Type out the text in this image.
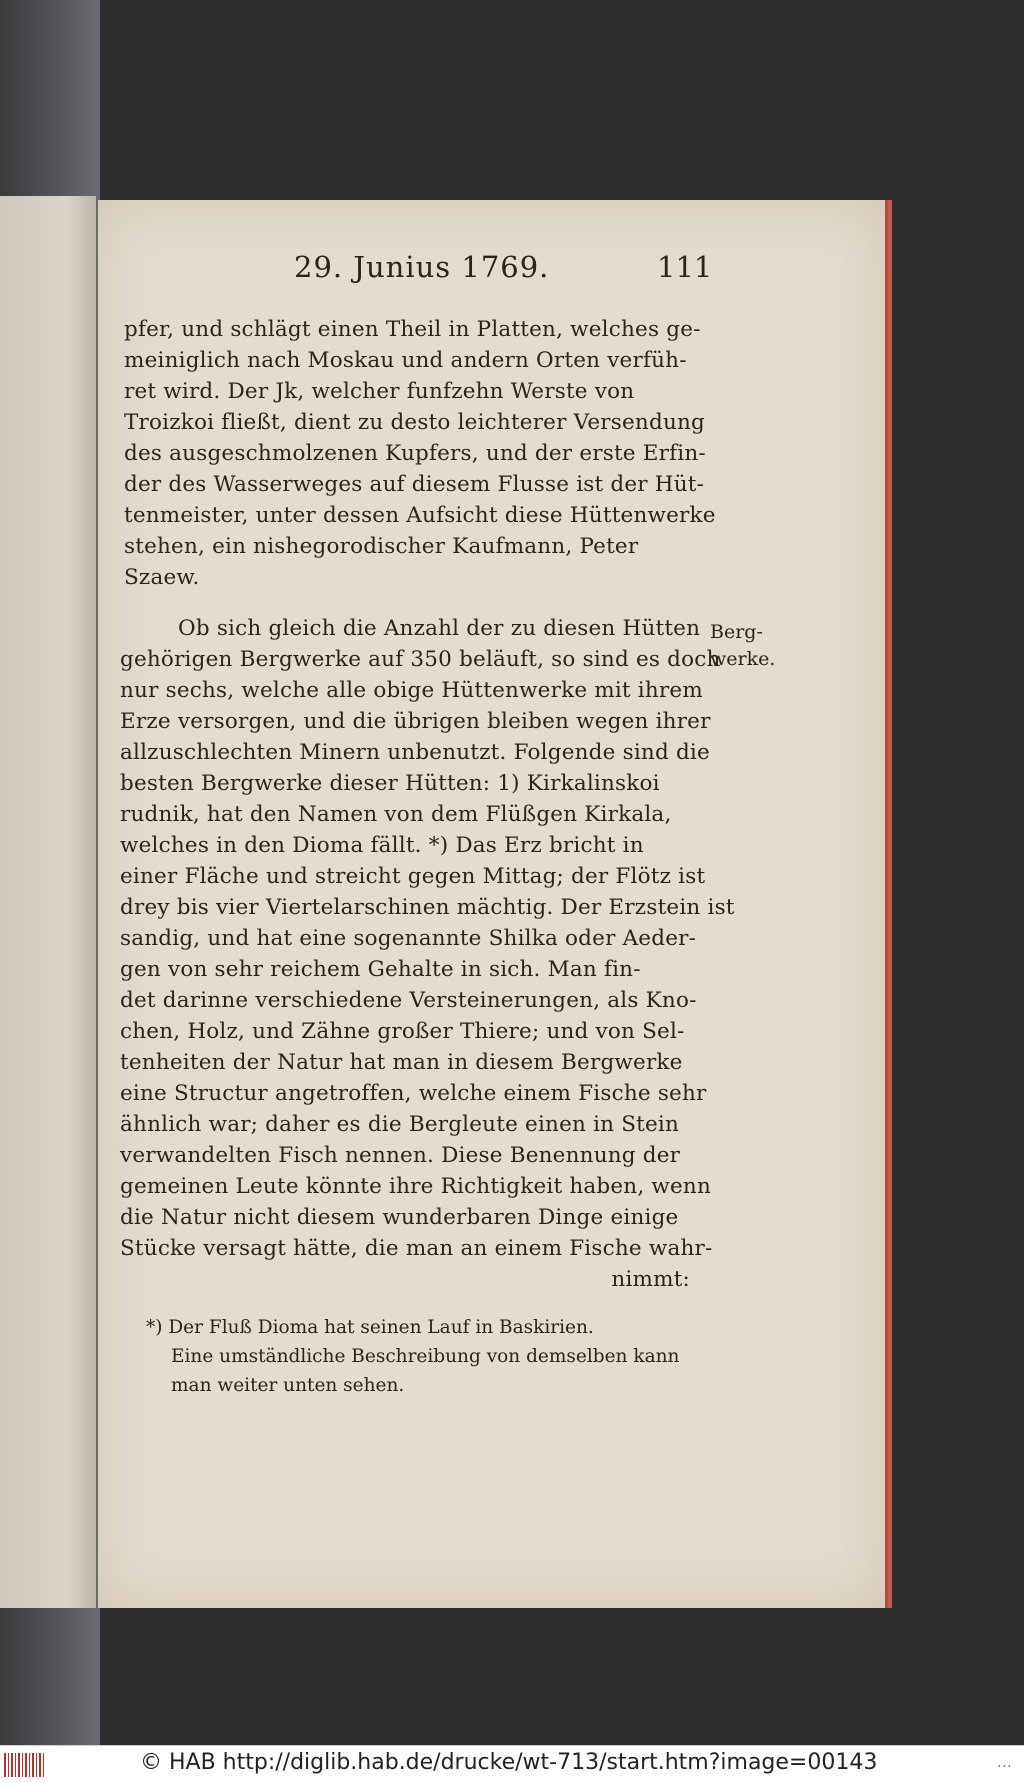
29. Junius 1769.	111
pfer, und schlägt einen Theil in Platten, welches ge-
meiniglich nach Moskau und andern Orten verfüh-
ret wird. Der Jk, welcher funfzehn Werste von
Troizkoi fließt, dient zu desto leichterer Versendung
des ausgeschmolzenen Kupfers, und der erste Erfin-
der des Wasserweges auf diesem Flusse ist der Hüt-
tenmeister, unter dessen Aufsicht diese Hüttenwerke
stehen, ein nishegorodischer Kaufmann, Peter
Szaew.
Ob sich gleich die Anzahl der zu diesen Hütten
gehörigen Bergwerke auf 350 beläuft, so sind es doch
nur sechs, welche alle obige Hüttenwerke mit ihrem
Erze versorgen, und die übrigen bleiben wegen ihrer
allzuschlechten Minern unbenutzt. Folgende sind die
besten Bergwerke dieser Hütten: 1) Kirkalinskoi
rudnik, hat den Namen von dem Flüßgen Kirkala,
welches in den Dioma fällt. *) Das Erz bricht in
einer Fläche und streicht gegen Mittag; der Flötz ist
drey bis vier Viertelarschinen mächtig. Der Erzstein ist
sandig, und hat eine sogenannte Shilka oder Aeder-
gen von sehr reichem Gehalte in sich. Man fin-
det darinne verschiedene Versteinerungen, als Kno-
chen, Holz, und Zähne großer Thiere; und von Sel-
tenheiten der Natur hat man in diesem Bergwerke
eine Structur angetroffen, welche einem Fische sehr
ähnlich war; daher es die Bergleute einen in Stein
verwandelten Fisch nennen. Diese Benennung der
gemeinen Leute könnte ihre Richtigkeit haben, wenn
die Natur nicht diesem wunderbaren Dinge einige
Stücke versagt hätte, die man an einem Fische wahr-
nimmt:
Berg-
werke.
*) Der Fluß Dioma hat seinen Lauf in Baskirien.
Eine umständliche Beschreibung von demselben kann
man weiter unten sehen.
© HAB http://diglib.hab.de/drucke/wt-713/start.htm?image=00143	...
